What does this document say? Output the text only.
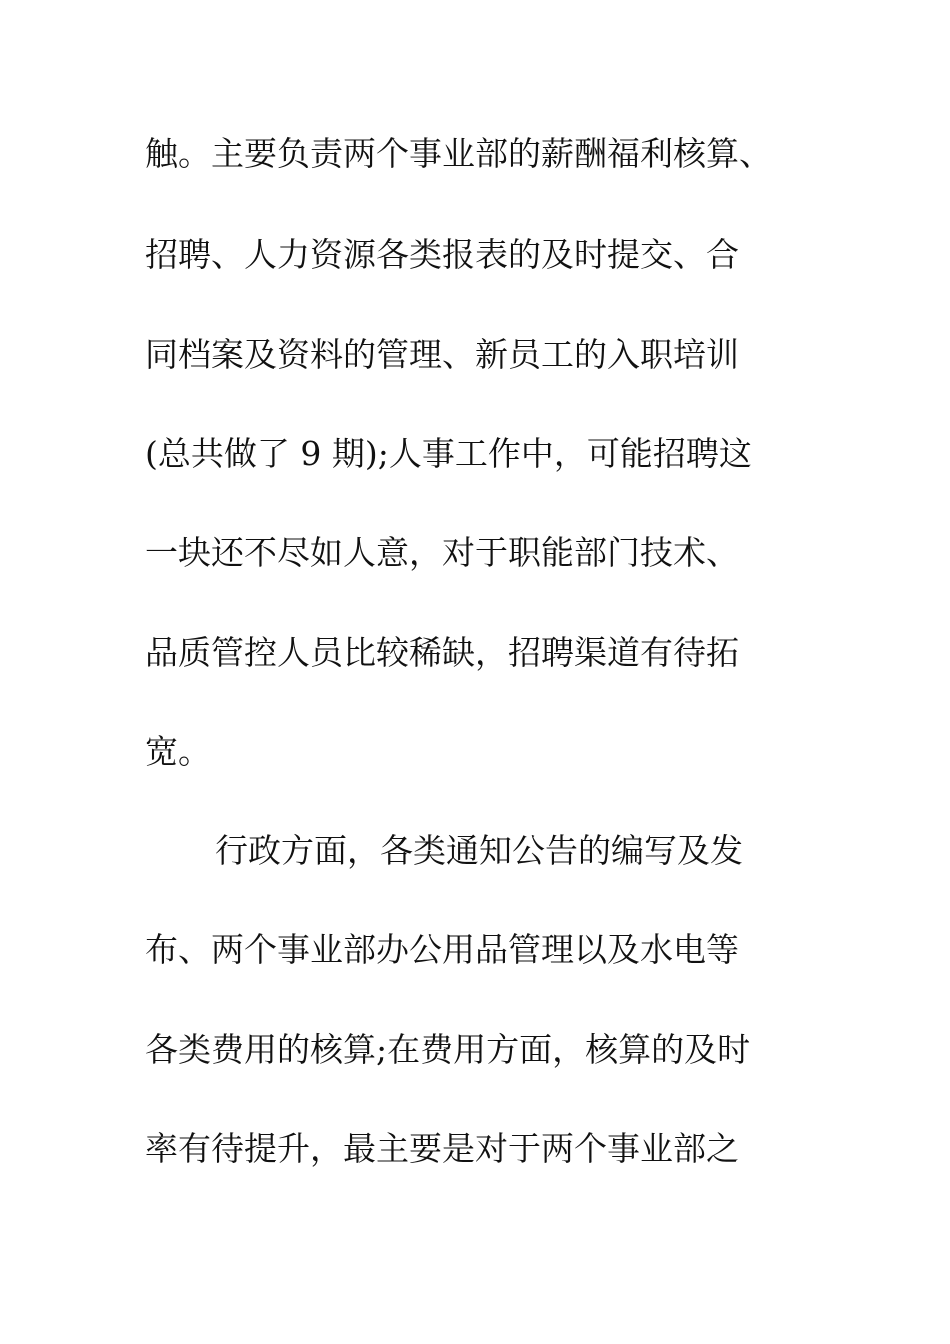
触。主要负责两个事业部的薪酬福利核算、
招聘、人力资源各类报表的及时提交、合
同档案及资料的管理、新员工的入职培训
(总共做了 9 期);人事工作中，可能招聘这
一块还不尽如人意，对于职能部门技术、
品质管控人员比较稀缺，招聘渠道有待拓
宽。
行政方面，各类通知公告的编写及发
布、两个事业部办公用品管理以及水电等
各类费用的核算;在费用方面，核算的及时
率有待提升，最主要是对于两个事业部之
